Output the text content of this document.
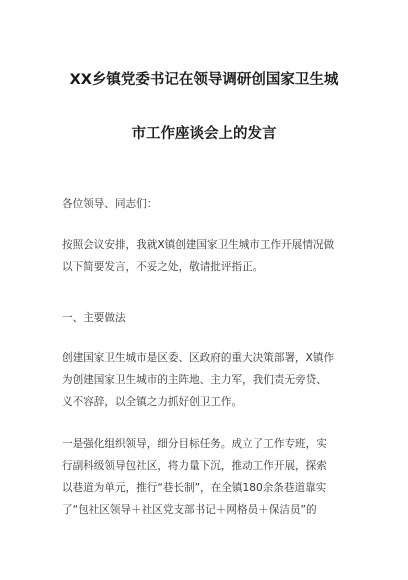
XX乡镇党委书记在领导调研创国家卫生城
市工作座谈会上的发言
各位领导、同志们：
按照会议安排，我就X镇创建国家卫生城市工作开展情况做
以下简要发言，不妥之处，敬请批评指正。
一、主要做法
创建国家卫生城市是区委、区政府的重大决策部署，X镇作
为创建国家卫生城市的主阵地、主力军，我们责无旁贷、
义不容辞，以全镇之力抓好创卫工作。
一是强化组织领导，细分目标任务。成立了工作专班，实
行副科级领导包社区，将力量下沉，推动工作开展，探索
以巷道为单元，推行“巷长制”，在全镇180余条巷道靠实
了“包社区领导＋社区党支部书记＋网格员＋保洁员”的
